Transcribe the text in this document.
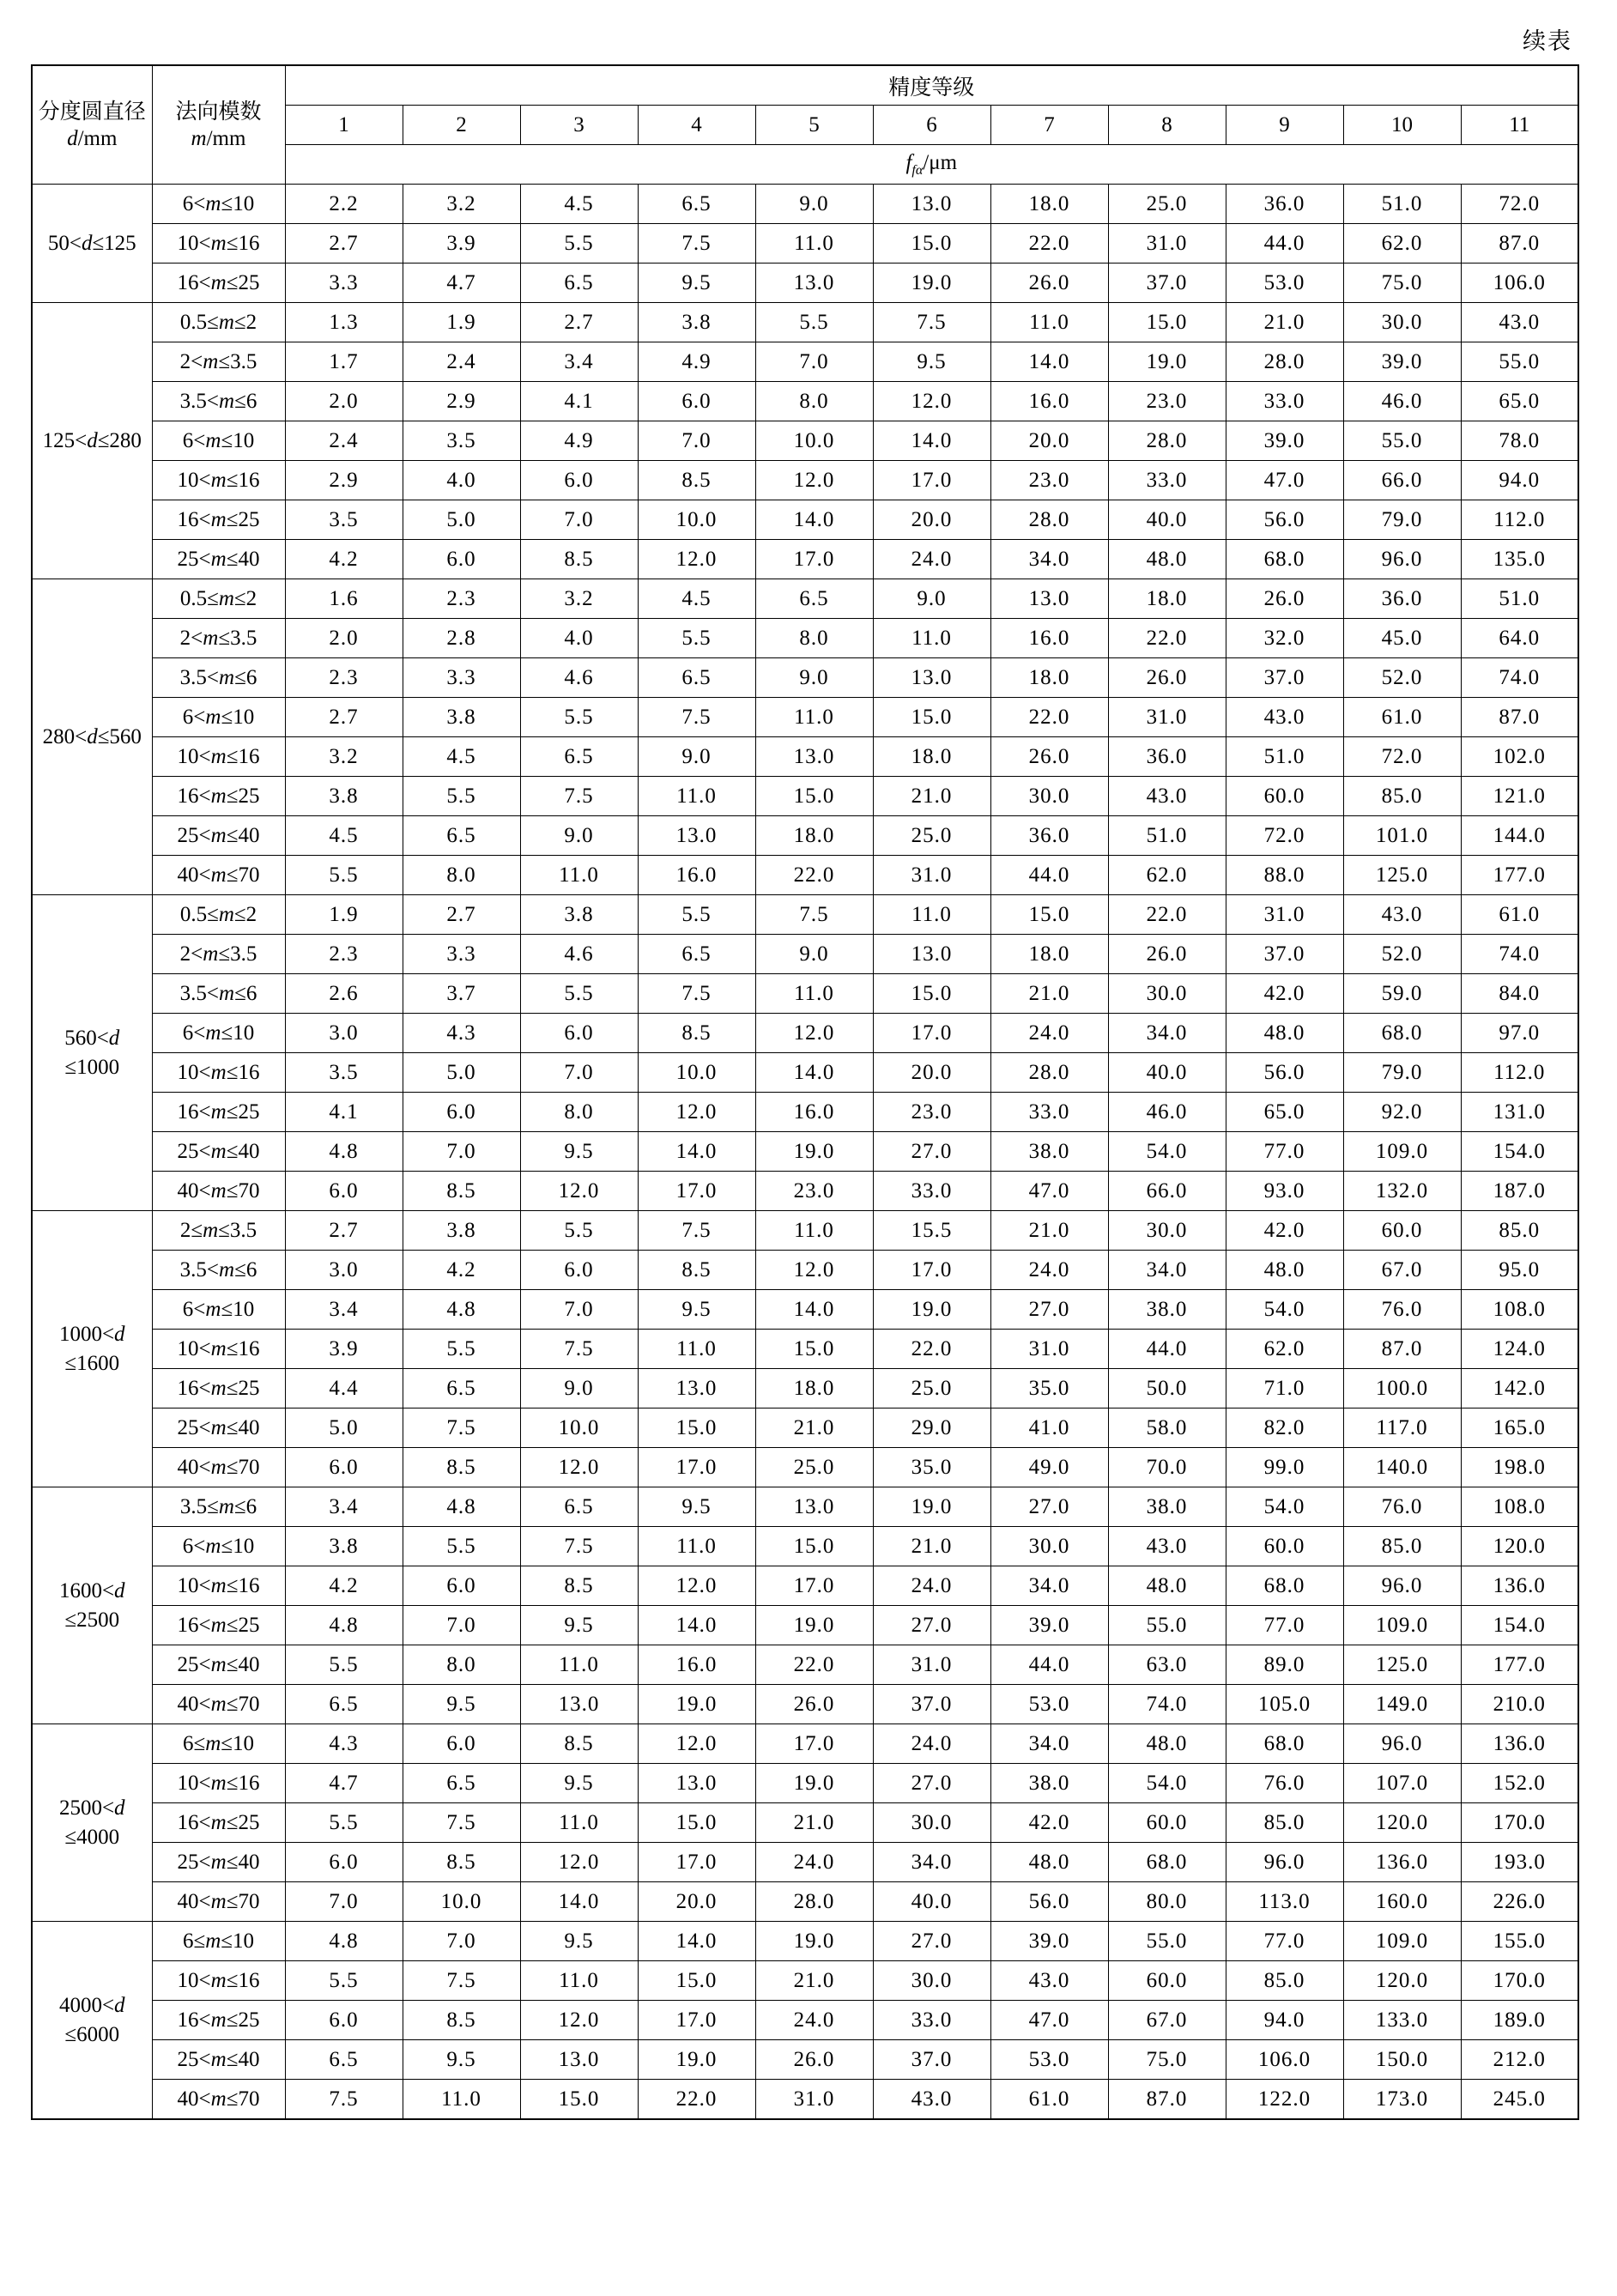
续表
分度圆直径
d/mm

法向模数
m/mm
	精度等级
		1	2	3	4	5	6	7	8	9	10	11
		$f_{f\alpha}/\mu m$										

50<d≤125	6<m≤10	2.2	3.2	4.5	6.5	9.0	13.0	18.0	25.0	36.0	51.0	72.0
	10<m≤16	2.7	3.9	5.5	7.5	11.0	15.0	22.0	31.0	44.0	62.0	87.0
	16<m≤25	3.3	4.7	6.5	9.5	13.0	19.0	26.0	37.0	53.0	75.0	106.0

125<d≤280	0.5≤m≤2	1.3	1.9	2.7	3.8	5.5	7.5	11.0	15.0	21.0	30.0	43.0
	2<m≤3.5	1.7	2.4	3.4	4.9	7.0	9.5	14.0	19.0	28.0	39.0	55.0
	3.5<m≤6	2.0	2.9	4.1	6.0	8.0	12.0	16.0	23.0	33.0	46.0	65.0
	6<m≤10	2.4	3.5	4.9	7.0	10.0	14.0	20.0	28.0	39.0	55.0	78.0
	10<m≤16	2.9	4.0	6.0	8.5	12.0	17.0	23.0	33.0	47.0	66.0	94.0
	16<m≤25	3.5	5.0	7.0	10.0	14.0	20.0	28.0	40.0	56.0	79.0	112.0
	25<m≤40	4.2	6.0	8.5	12.0	17.0	24.0	34.0	48.0	68.0	96.0	135.0

280<d≤560	0.5≤m≤2	1.6	2.3	3.2	4.5	6.5	9.0	13.0	18.0	26.0	36.0	51.0
	2<m≤3.5	2.0	2.8	4.0	5.5	8.0	11.0	16.0	22.0	32.0	45.0	64.0
	3.5<m≤6	2.3	3.3	4.6	6.5	9.0	13.0	18.0	26.0	37.0	52.0	74.0
	6<m≤10	2.7	3.8	5.5	7.5	11.0	15.0	22.0	31.0	43.0	61.0	87.0
	10<m≤16	3.2	4.5	6.5	9.0	13.0	18.0	26.0	36.0	51.0	72.0	102.0
	16<m≤25	3.8	5.5	7.5	11.0	15.0	21.0	30.0	43.0	60.0	85.0	121.0
	25<m≤40	4.5	6.5	9.0	13.0	18.0	25.0	36.0	51.0	72.0	101.0	144.0
	40<m≤70	5.5	8.0	11.0	16.0	22.0	31.0	44.0	62.0	88.0	125.0	177.0

560<d
≤1000	0.5≤m≤2	1.9	2.7	3.8	5.5	7.5	11.0	15.0	22.0	31.0	43.0	61.0
	2<m≤3.5	2.3	3.3	4.6	6.5	9.0	13.0	18.0	26.0	37.0	52.0	74.0
	3.5<m≤6	2.6	3.7	5.5	7.5	11.0	15.0	21.0	30.0	42.0	59.0	84.0
	6<m≤10	3.0	4.3	6.0	8.5	12.0	17.0	24.0	34.0	48.0	68.0	97.0
	10<m≤16	3.5	5.0	7.0	10.0	14.0	20.0	28.0	40.0	56.0	79.0	112.0
	16<m≤25	4.1	6.0	8.0	12.0	16.0	23.0	33.0	46.0	65.0	92.0	131.0
	25<m≤40	4.8	7.0	9.5	14.0	19.0	27.0	38.0	54.0	77.0	109.0	154.0
	40<m≤70	6.0	8.5	12.0	17.0	23.0	33.0	47.0	66.0	93.0	132.0	187.0

1000<d
≤1600	2≤m≤3.5	2.7	3.8	5.5	7.5	11.0	15.5	21.0	30.0	42.0	60.0	85.0
	3.5<m≤6	3.0	4.2	6.0	8.5	12.0	17.0	24.0	34.0	48.0	67.0	95.0
	6<m≤10	3.4	4.8	7.0	9.5	14.0	19.0	27.0	38.0	54.0	76.0	108.0
	10<m≤16	3.9	5.5	7.5	11.0	15.0	22.0	31.0	44.0	62.0	87.0	124.0
	16<m≤25	4.4	6.5	9.0	13.0	18.0	25.0	35.0	50.0	71.0	100.0	142.0
	25<m≤40	5.0	7.5	10.0	15.0	21.0	29.0	41.0	58.0	82.0	117.0	165.0
	40<m≤70	6.0	8.5	12.0	17.0	25.0	35.0	49.0	70.0	99.0	140.0	198.0

1600<d
≤2500	3.5≤m≤6	3.4	4.8	6.5	9.5	13.0	19.0	27.0	38.0	54.0	76.0	108.0
	6<m≤10	3.8	5.5	7.5	11.0	15.0	21.0	30.0	43.0	60.0	85.0	120.0
	10<m≤16	4.2	6.0	8.5	12.0	17.0	24.0	34.0	48.0	68.0	96.0	136.0
	16<m≤25	4.8	7.0	9.5	14.0	19.0	27.0	39.0	55.0	77.0	109.0	154.0
	25<m≤40	5.5	8.0	11.0	16.0	22.0	31.0	44.0	63.0	89.0	125.0	177.0
	40<m≤70	6.5	9.5	13.0	19.0	26.0	37.0	53.0	74.0	105.0	149.0	210.0

2500<d
≤4000	6≤m≤10	4.3	6.0	8.5	12.0	17.0	24.0	34.0	48.0	68.0	96.0	136.0
	10<m≤16	4.7	6.5	9.5	13.0	19.0	27.0	38.0	54.0	76.0	107.0	152.0
	16<m≤25	5.5	7.5	11.0	15.0	21.0	30.0	42.0	60.0	85.0	120.0	170.0
	25<m≤40	6.0	8.5	12.0	17.0	24.0	34.0	48.0	68.0	96.0	136.0	193.0
	40<m≤70	7.0	10.0	14.0	20.0	28.0	40.0	56.0	80.0	113.0	160.0	226.0

4000<d
≤6000	6≤m≤10	4.8	7.0	9.5	14.0	19.0	27.0	39.0	55.0	77.0	109.0	155.0
	10<m≤16	5.5	7.5	11.0	15.0	21.0	30.0	43.0	60.0	85.0	120.0	170.0
	16<m≤25	6.0	8.5	12.0	17.0	24.0	33.0	47.0	67.0	94.0	133.0	189.0
	25<m≤40	6.5	9.5	13.0	19.0	26.0	37.0	53.0	75.0	106.0	150.0	212.0
	40<m≤70	7.5	11.0	15.0	22.0	31.0	43.0	61.0	87.0	122.0	173.0	245.0
